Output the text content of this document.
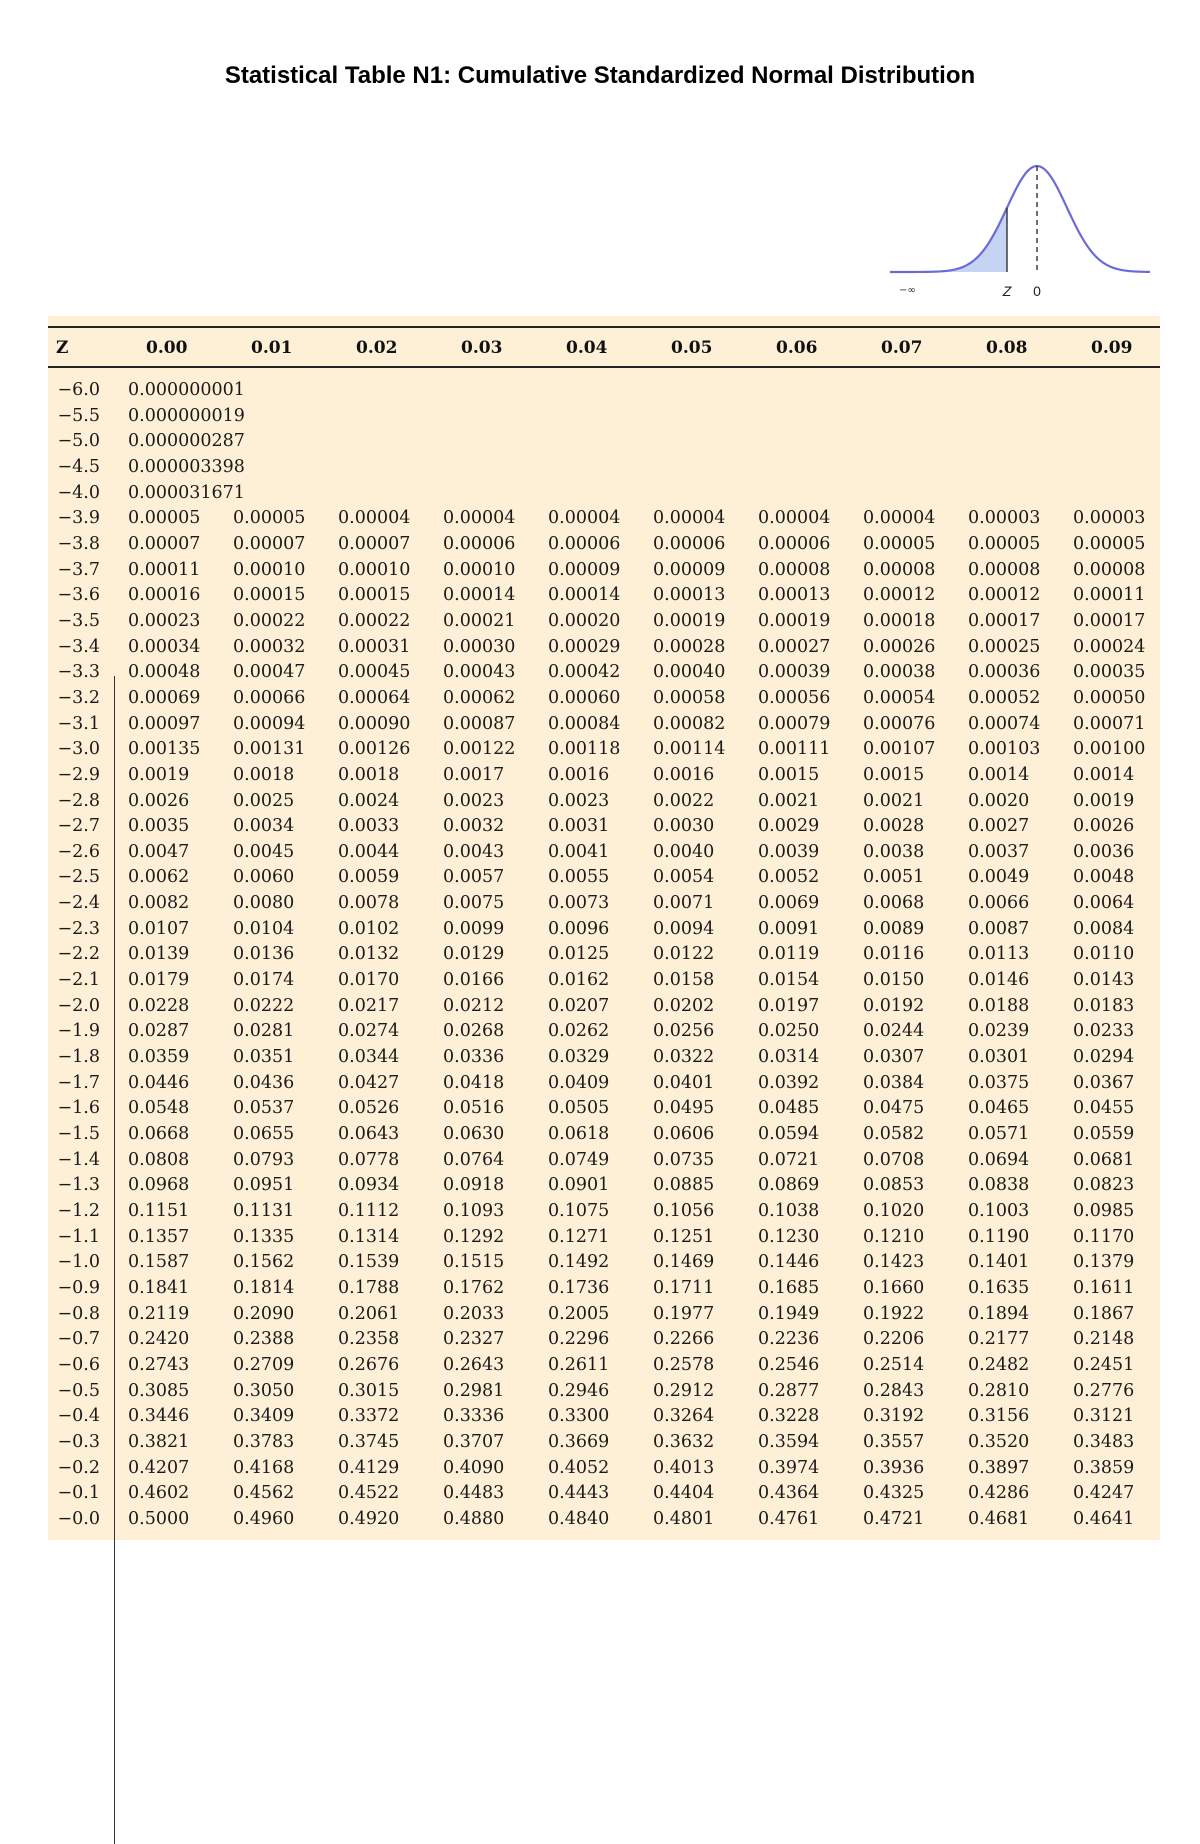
Statistical Table N1: Cumulative Standardized Normal Distribution
−∞	Z 0
Z	0.00	0.01	0.02	0.03	0.04	0.05	0.06	0.07	0.08	0.09
−6.0 0.000000001
−5.5 0.000000019
−5.0 0.000000287
−4.5 0.000003398
−4.0 0.000031671
−3.9 0.00005 0.00005 0.00004 0.00004 0.00004 0.00004 0.00004 0.00004 0.00003 0.00003
−3.8 0.00007 0.00007 0.00007 0.00006 0.00006 0.00006 0.00006 0.00005 0.00005 0.00005
−3.7 0.00011 0.00010 0.00010 0.00010 0.00009 0.00009 0.00008 0.00008 0.00008 0.00008
−3.6 0.00016 0.00015 0.00015 0.00014 0.00014 0.00013 0.00013 0.00012 0.00012 0.00011
−3.5 0.00023 0.00022 0.00022 0.00021 0.00020 0.00019 0.00019 0.00018 0.00017 0.00017
−3.4 0.00034 0.00032 0.00031 0.00030 0.00029 0.00028 0.00027 0.00026 0.00025 0.00024
−3.3 0.00048 0.00047 0.00045 0.00043 0.00042 0.00040 0.00039 0.00038 0.00036 0.00035
−3.2 0.00069 0.00066 0.00064 0.00062 0.00060 0.00058 0.00056 0.00054 0.00052 0.00050
−3.1 0.00097 0.00094 0.00090 0.00087 0.00084 0.00082 0.00079 0.00076 0.00074 0.00071
−3.0 0.00135 0.00131 0.00126 0.00122 0.00118 0.00114 0.00111 0.00107 0.00103 0.00100
−2.9 0.0019	0.0018	0.0018	0.0017	0.0016	0.0016	0.0015	0.0015	0.0014	0.0014
−2.8 0.0026	0.0025	0.0024	0.0023	0.0023	0.0022	0.0021	0.0021	0.0020	0.0019
−2.7 0.0035	0.0034	0.0033	0.0032	0.0031	0.0030	0.0029	0.0028	0.0027	0.0026
−2.6 0.0047	0.0045	0.0044	0.0043	0.0041	0.0040	0.0039	0.0038	0.0037	0.0036
−2.5 0.0062	0.0060	0.0059	0.0057	0.0055	0.0054	0.0052	0.0051	0.0049	0.0048
−2.4 0.0082	0.0080	0.0078	0.0075	0.0073	0.0071	0.0069	0.0068	0.0066	0.0064
−2.3 0.0107	0.0104	0.0102	0.0099	0.0096	0.0094	0.0091	0.0089	0.0087	0.0084
−2.2 0.0139	0.0136	0.0132	0.0129	0.0125	0.0122	0.0119	0.0116	0.0113	0.0110
−2.1 0.0179	0.0174	0.0170	0.0166	0.0162	0.0158	0.0154	0.0150	0.0146	0.0143
−2.0 0.0228	0.0222	0.0217	0.0212	0.0207	0.0202	0.0197	0.0192	0.0188	0.0183
−1.9 0.0287	0.0281	0.0274	0.0268	0.0262	0.0256	0.0250	0.0244	0.0239	0.0233
−1.8 0.0359	0.0351	0.0344	0.0336	0.0329	0.0322	0.0314	0.0307	0.0301	0.0294
−1.7 0.0446	0.0436	0.0427	0.0418	0.0409	0.0401	0.0392	0.0384	0.0375	0.0367
−1.6 0.0548	0.0537	0.0526	0.0516	0.0505	0.0495	0.0485	0.0475	0.0465	0.0455
−1.5 0.0668	0.0655	0.0643	0.0630	0.0618	0.0606	0.0594	0.0582	0.0571	0.0559
−1.4 0.0808	0.0793	0.0778	0.0764	0.0749	0.0735	0.0721	0.0708	0.0694	0.0681
−1.3 0.0968	0.0951	0.0934	0.0918	0.0901	0.0885	0.0869	0.0853	0.0838	0.0823
−1.2 0.1151	0.1131	0.1112	0.1093	0.1075	0.1056	0.1038	0.1020	0.1003	0.0985
−1.1 0.1357	0.1335	0.1314	0.1292	0.1271	0.1251	0.1230	0.1210	0.1190	0.1170
−1.0 0.1587	0.1562	0.1539	0.1515	0.1492	0.1469	0.1446	0.1423	0.1401	0.1379
−0.9 0.1841	0.1814	0.1788	0.1762	0.1736	0.1711	0.1685	0.1660	0.1635	0.1611
−0.8 0.2119	0.2090	0.2061	0.2033	0.2005	0.1977	0.1949	0.1922	0.1894	0.1867
−0.7 0.2420	0.2388	0.2358	0.2327	0.2296	0.2266	0.2236	0.2206	0.2177	0.2148
−0.6 0.2743	0.2709	0.2676	0.2643	0.2611	0.2578	0.2546	0.2514	0.2482	0.2451
−0.5 0.3085	0.3050	0.3015	0.2981	0.2946	0.2912	0.2877	0.2843	0.2810	0.2776
−0.4 0.3446	0.3409	0.3372	0.3336	0.3300	0.3264	0.3228	0.3192	0.3156	0.3121
−0.3 0.3821	0.3783	0.3745	0.3707	0.3669	0.3632	0.3594	0.3557	0.3520	0.3483
−0.2 0.4207	0.4168	0.4129	0.4090	0.4052	0.4013	0.3974	0.3936	0.3897	0.3859
−0.1 0.4602	0.4562	0.4522	0.4483	0.4443	0.4404	0.4364	0.4325	0.4286	0.4247
−0.0 0.5000	0.4960	0.4920	0.4880	0.4840	0.4801	0.4761	0.4721	0.4681	0.4641
